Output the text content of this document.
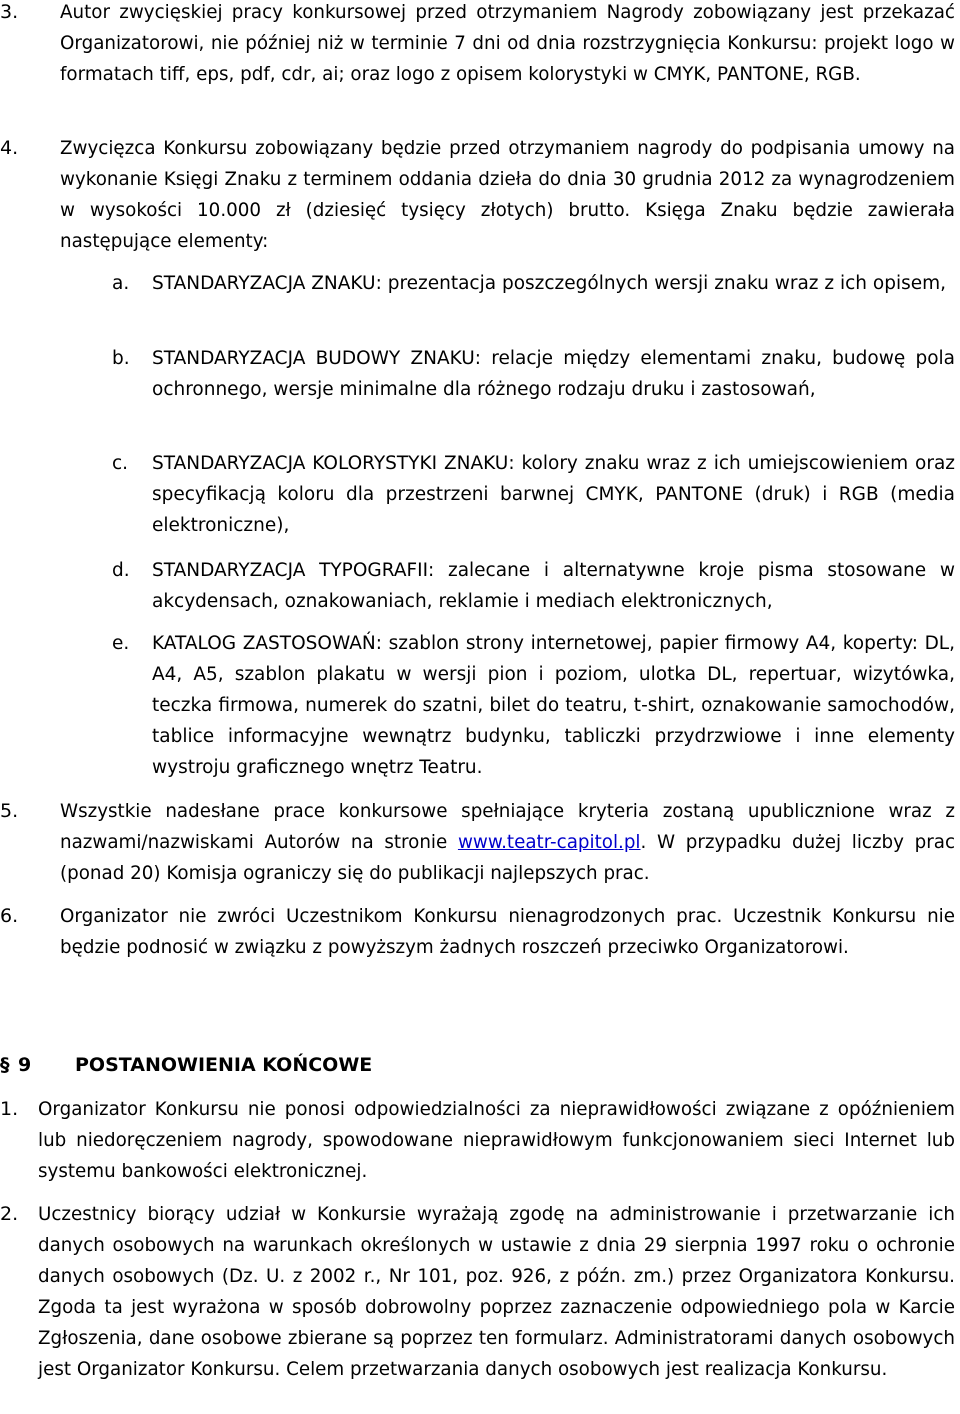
3. Autor zwycięskiej pracy konkursowej przed otrzymaniem Nagrody zobowiązany jest przekazać Organizatorowi, nie później niż w terminie 7 dni od dnia rozstrzygnięcia Konkursu: projekt logo w formatach tiff, eps, pdf, cdr, ai; oraz logo z opisem kolorystyki w CMYK, PANTONE, RGB.
4. Zwycięzca Konkursu zobowiązany będzie przed otrzymaniem nagrody do podpisania umowy na wykonanie Księgi Znaku z terminem oddania dzieła do dnia 30 grudnia 2012 za wynagrodzeniem w wysokości 10.000 zł (dziesięć tysięcy złotych) brutto. Księga Znaku będzie zawierała następujące elementy:
a. STANDARYZACJA ZNAKU: prezentacja poszczególnych wersji znaku wraz z ich opisem,
b. STANDARYZACJA BUDOWY ZNAKU: relacje między elementami znaku, budowę pola ochronnego, wersje minimalne dla różnego rodzaju druku i zastosowań,
c. STANDARYZACJA KOLORYSTYKI ZNAKU: kolory znaku wraz z ich umiejscowieniem oraz specyfikacją koloru dla przestrzeni barwnej CMYK, PANTONE (druk) i RGB (media elektroniczne),
d. STANDARYZACJA TYPOGRAFII: zalecane i alternatywne kroje pisma stosowane w akcydensach, oznakowaniach, reklamie i mediach elektronicznych,
e. KATALOG ZASTOSOWAŃ: szablon strony internetowej, papier firmowy A4, koperty: DL, A4, A5, szablon plakatu w wersji pion i poziom, ulotka DL, repertuar, wizytówka, teczka firmowa, numerek do szatni, bilet do teatru, t-shirt, oznakowanie samochodów, tablice informacyjne wewnątrz budynku, tabliczki przydrzwiowe i inne elementy wystroju graficznego wnętrz Teatru.
5. Wszystkie nadesłane prace konkursowe spełniające kryteria zostaną upublicznione wraz z nazwami/nazwiskami Autorów na stronie www.teatr-capitol.pl. W przypadku dużej liczby prac (ponad 20) Komisja ograniczy się do publikacji najlepszych prac.
6. Organizator nie zwróci Uczestnikom Konkursu nienagrodzonych prac. Uczestnik Konkursu nie będzie podnosić w związku z powyższym żadnych roszczeń przeciwko Organizatorowi.
§ 9 POSTANOWIENIA KOŃCOWE
1. Organizator Konkursu nie ponosi odpowiedzialności za nieprawidłowości związane z opóźnieniem lub niedoręczeniem nagrody, spowodowane nieprawidłowym funkcjonowaniem sieci Internet lub systemu bankowości elektronicznej.
2. Uczestnicy biorący udział w Konkursie wyrażają zgodę na administrowanie i przetwarzanie ich danych osobowych na warunkach określonych w ustawie z dnia 29 sierpnia 1997 roku o ochronie danych osobowych (Dz. U. z 2002 r., Nr 101, poz. 926, z późn. zm.) przez Organizatora Konkursu. Zgoda ta jest wyrażona w sposób dobrowolny poprzez zaznaczenie odpowiedniego pola w Karcie Zgłoszenia, dane osobowe zbierane są poprzez ten formularz. Administratorami danych osobowych jest Organizator Konkursu. Celem przetwarzania danych osobowych jest realizacja Konkursu.
